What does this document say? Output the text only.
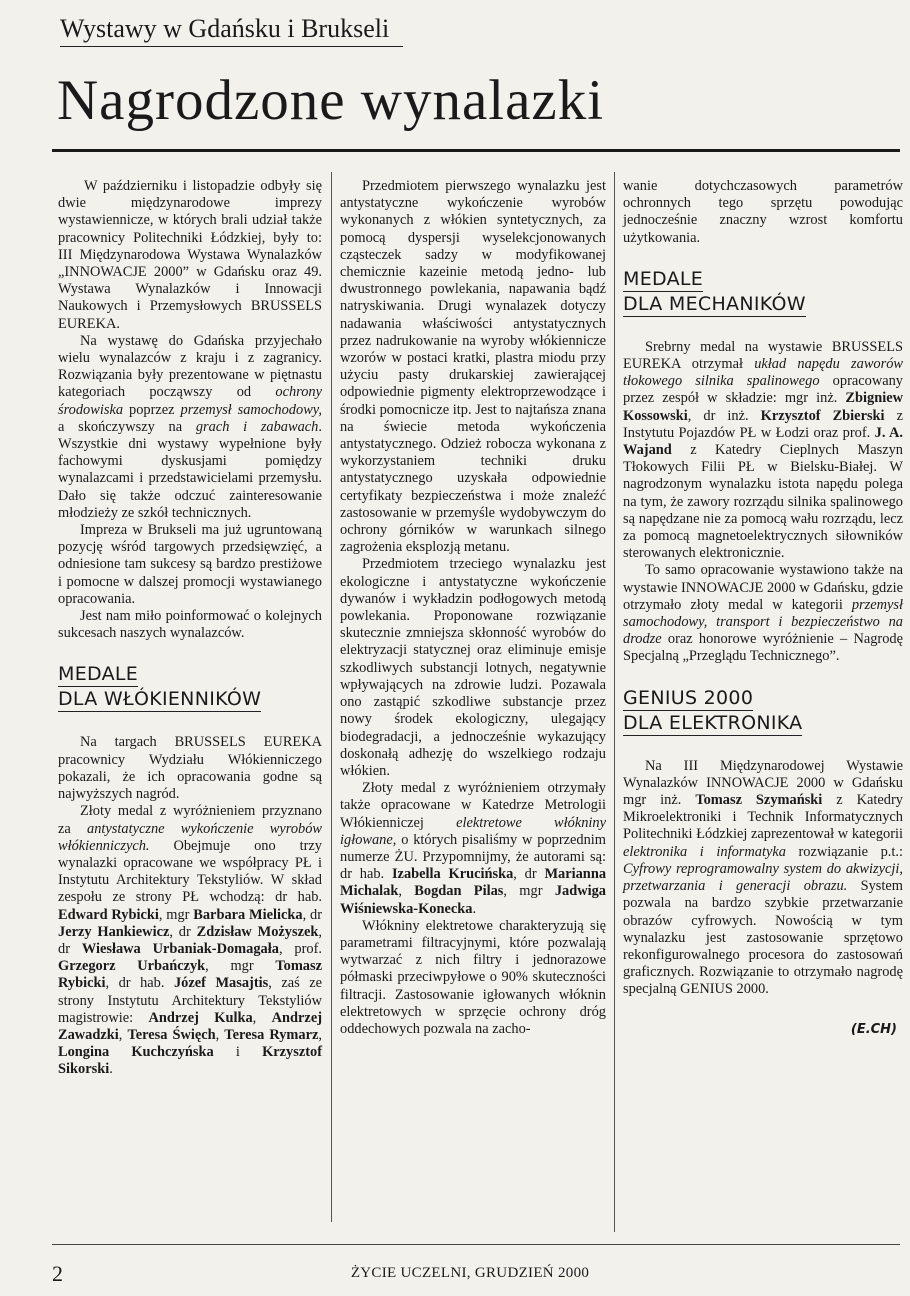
Wystawy w Gdańsku i Brukseli
Nagrodzone wynalazki

W październiku i listopadzie odbyły się dwie międzynarodowe imprezy wystawiennicze, w których brali udział także pracownicy Politechniki Łódzkiej, były to: III Międzynarodowa Wystawa Wynalazków „INNOWACJE 2000” w Gdańsku oraz 49. Wystawa Wynalazków i Innowacji Naukowych i Przemysłowych BRUSSELS EUREKA.

Na wystawę do Gdańska przyjechało wielu wynalazców z kraju i z zagranicy. Rozwiązania były prezentowane w piętnastu kategoriach począwszy od ochrony środowiska poprzez przemysł samochodowy, a skończywszy na grach i zabawach. Wszystkie dni wystawy wypełnione były fachowymi dyskusjami pomiędzy wynalazcami i przedstawicielami przemysłu. Dało się także odczuć zainteresowanie młodzieży ze szkół technicznych.

Impreza w Brukseli ma już ugruntowaną pozycję wśród targowych przedsięwzięć, a odniesione tam sukcesy są bardzo prestiżowe i pomocne w dalszej promocji wystawianego opracowania.

Jest nam miło poinformować o kolejnych sukcesach naszych wynalazców.

MEDALE
DLA WŁÓKIENNIKÓW

Na targach BRUSSELS EUREKA pracownicy Wydziału Włókienniczego pokazali, że ich opracowania godne są najwyższych nagród.

Złoty medal z wyróżnieniem przyznano za antystatyczne wykończenie wyrobów włókienniczych. Obejmuje ono trzy wynalazki opracowane we współpracy PŁ i Instytutu Architektury Tekstyliów. W skład zespołu ze strony PŁ wchodzą: dr hab. Edward Rybicki, mgr Barbara Mielicka, dr Jerzy Hankiewicz, dr Zdzisław Możyszek, dr Wiesława Urbaniak-Domagała, prof. Grzegorz Urbańczyk, mgr Tomasz Rybicki, dr hab. Józef Masajtis, zaś ze strony Instytutu Architektury Tekstyliów magistrowie: Andrzej Kulka, Andrzej Zawadzki, Teresa Święch, Teresa Rymarz, Longina Kuchczyńska i Krzysztof Sikorski.

Przedmiotem pierwszego wynalazku jest antystatyczne wykończenie wyrobów wykonanych z włókien syntetycznych, za pomocą dyspersji wyselekcjonowanych cząsteczek sadzy w modyfikowanej chemicznie kazeinie metodą jedno- lub dwustronnego powlekania, napawania bądź natryskiwania. Drugi wynalazek dotyczy nadawania właściwości antystatycznych przez nadrukowanie na wyroby włókiennicze wzorów w postaci kratki, plastra miodu przy użyciu pasty drukarskiej zawierającej odpowiednie pigmenty elektroprzewodzące i środki pomocnicze itp. Jest to najtańsza znana na świecie metoda wykończenia antystatycznego. Odzież robocza wykonana z wykorzystaniem techniki druku antystatycznego uzyskała odpowiednie certyfikaty bezpieczeństwa i może znaleźć zastosowanie w przemyśle wydobywczym do ochrony górników w warunkach silnego zagrożenia eksplozją metanu.

Przedmiotem trzeciego wynalazku jest ekologiczne i antystatyczne wykończenie dywanów i wykładzin podłogowych metodą powlekania. Proponowane rozwiązanie skutecznie zmniejsza skłonność wyrobów do elektryzacji statycznej oraz eliminuje emisje szkodliwych substancji lotnych, negatywnie wpływających na zdrowie ludzi. Pozawala ono zastąpić szkodliwe substancje przez nowy środek ekologiczny, ulegający biodegradacji, a jednocześnie wykazujący doskonałą adhezję do wszelkiego rodzaju włókien.

Złoty medal z wyróżnieniem otrzymały także opracowane w Katedrze Metrologii Włókienniczej elektretowe włókniny igłowane, o których pisaliśmy w poprzednim numerze ŻU. Przypomnijmy, że autorami są: dr hab. Izabella Krucińska, dr Marianna Michalak, Bogdan Pilas, mgr Jadwiga Wiśniewska-Konecka.

Włókniny elektretowe charakteryzują się parametrami filtracyjnymi, które pozwalają wytwarzać z nich filtry i jednorazowe półmaski przeciwpyłowe o 90% skuteczności filtracji. Zastosowanie igłowanych włóknin elektretowych w sprzęcie ochrony dróg oddechowych pozwala na zacho-

wanie dotychczasowych parametrów ochronnych tego sprzętu powodując jednocześnie znaczny wzrost komfortu użytkowania.

MEDALE
DLA MECHANIKÓW

Srebrny medal na wystawie BRUSSELS EUREKA otrzymał układ napędu zaworów tłokowego silnika spalinowego opracowany przez zespół w składzie: mgr inż. Zbigniew Kossowski, dr inż. Krzysztof Zbierski z Instytutu Pojazdów PŁ w Łodzi oraz prof. J. A. Wajand z Katedry Cieplnych Maszyn Tłokowych Filii PŁ w Bielsku-Białej. W nagrodzonym wynalazku istota napędu polega na tym, że zawory rozrządu silnika spalinowego są napędzane nie za pomocą wału rozrządu, lecz za pomocą magnetoelektrycznych siłowników sterowanych elektronicznie.

To samo opracowanie wystawiono także na wystawie INNOWACJE 2000 w Gdańsku, gdzie otrzymało złoty medal w kategorii przemysł samochodowy, transport i bezpieczeństwo na drodze oraz honorowe wyróżnienie – Nagrodę Specjalną „Przeglądu Technicznego”.

GENIUS 2000
DLA ELEKTRONIKA

Na III Międzynarodowej Wystawie Wynalazków INNOWACJE 2000 w Gdańsku mgr inż. Tomasz Szymański z Katedry Mikroelektroniki i Technik Informatycznych Politechniki Łódzkiej zaprezentował w kategorii elektronika i informatyka rozwiązanie p.t.: Cyfrowy reprogramowalny system do akwizycji, przetwarzania i generacji obrazu. System pozwala na bardzo szybkie przetwarzanie obrazów cyfrowych. Nowością w tym wynalazku jest zastosowanie sprzętowo rekonfigurowalnego procesora do zastosowań graficznych. Rozwiązanie to otrzymało nagrodę specjalną GENIUS 2000.

(E.CH)
2	ŻYCIE UCZELNI, GRUDZIEŃ 2000
